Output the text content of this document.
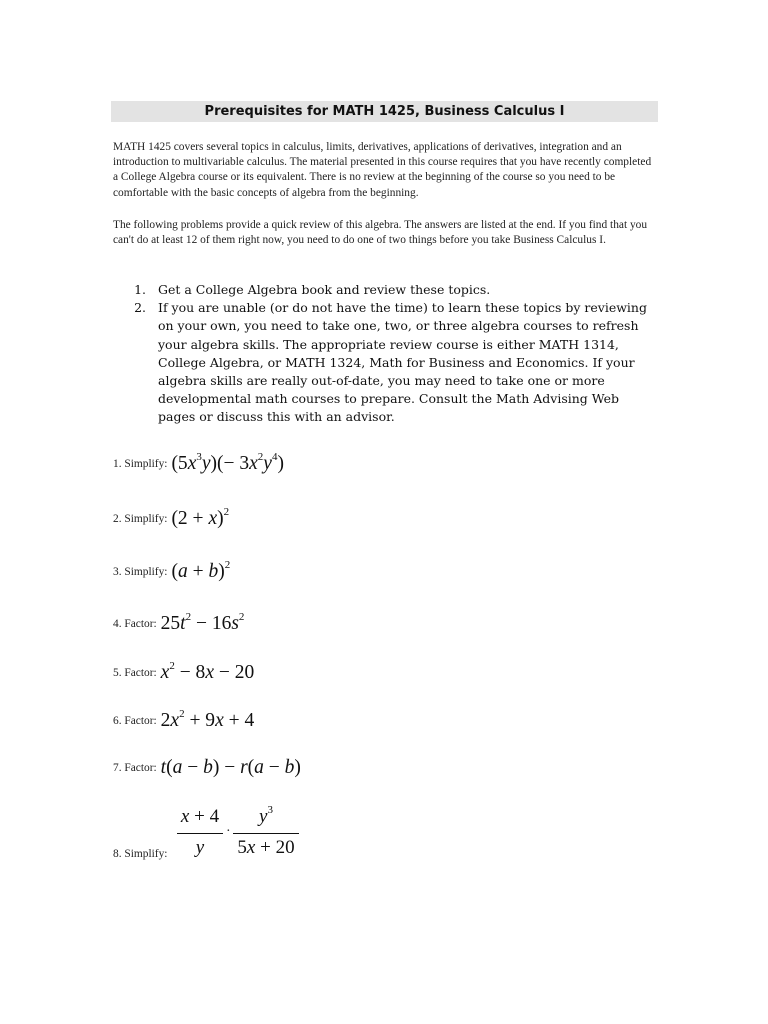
Prerequisites for MATH 1425, Business Calculus I
MATH 1425 covers several topics in calculus, limits, derivatives, applications of derivatives, integration and an introduction to multivariable calculus. The material presented in this course requires that you have recently completed a College Algebra course or its equivalent. There is no review at the beginning of the course so you need to be comfortable with the basic concepts of algebra from the beginning.
The following problems provide a quick review of this algebra. The answers are listed at the end. If you find that you can't do at least 12 of them right now, you need to do one of two things before you take Business Calculus I.
1. Get a College Algebra book and review these topics.
2. If you are unable (or do not have the time) to learn these topics by reviewing on your own, you need to take one, two, or three algebra courses to refresh your algebra skills. The appropriate review course is either MATH 1314, College Algebra, or MATH 1324, Math for Business and Economics. If your algebra skills are really out-of-date, you may need to take one or more developmental math courses to prepare. Consult the Math Advising Web pages or discuss this with an advisor.
1. Simplify: $(5x^3y)(- 3x^2y^4)$
2. Simplify: $(2 + x)^2$
3. Simplify: $(a + b)^2$
4. Factor: $25t^2 - 16s^2$
5. Factor: $x^2 - 8x - 20$
6. Factor: $2x^2 + 9x + 4$
7. Factor: t(a − b) − r(a − b)
8. Simplify:
x + 4
y
·
$y^3$
5x + 20
